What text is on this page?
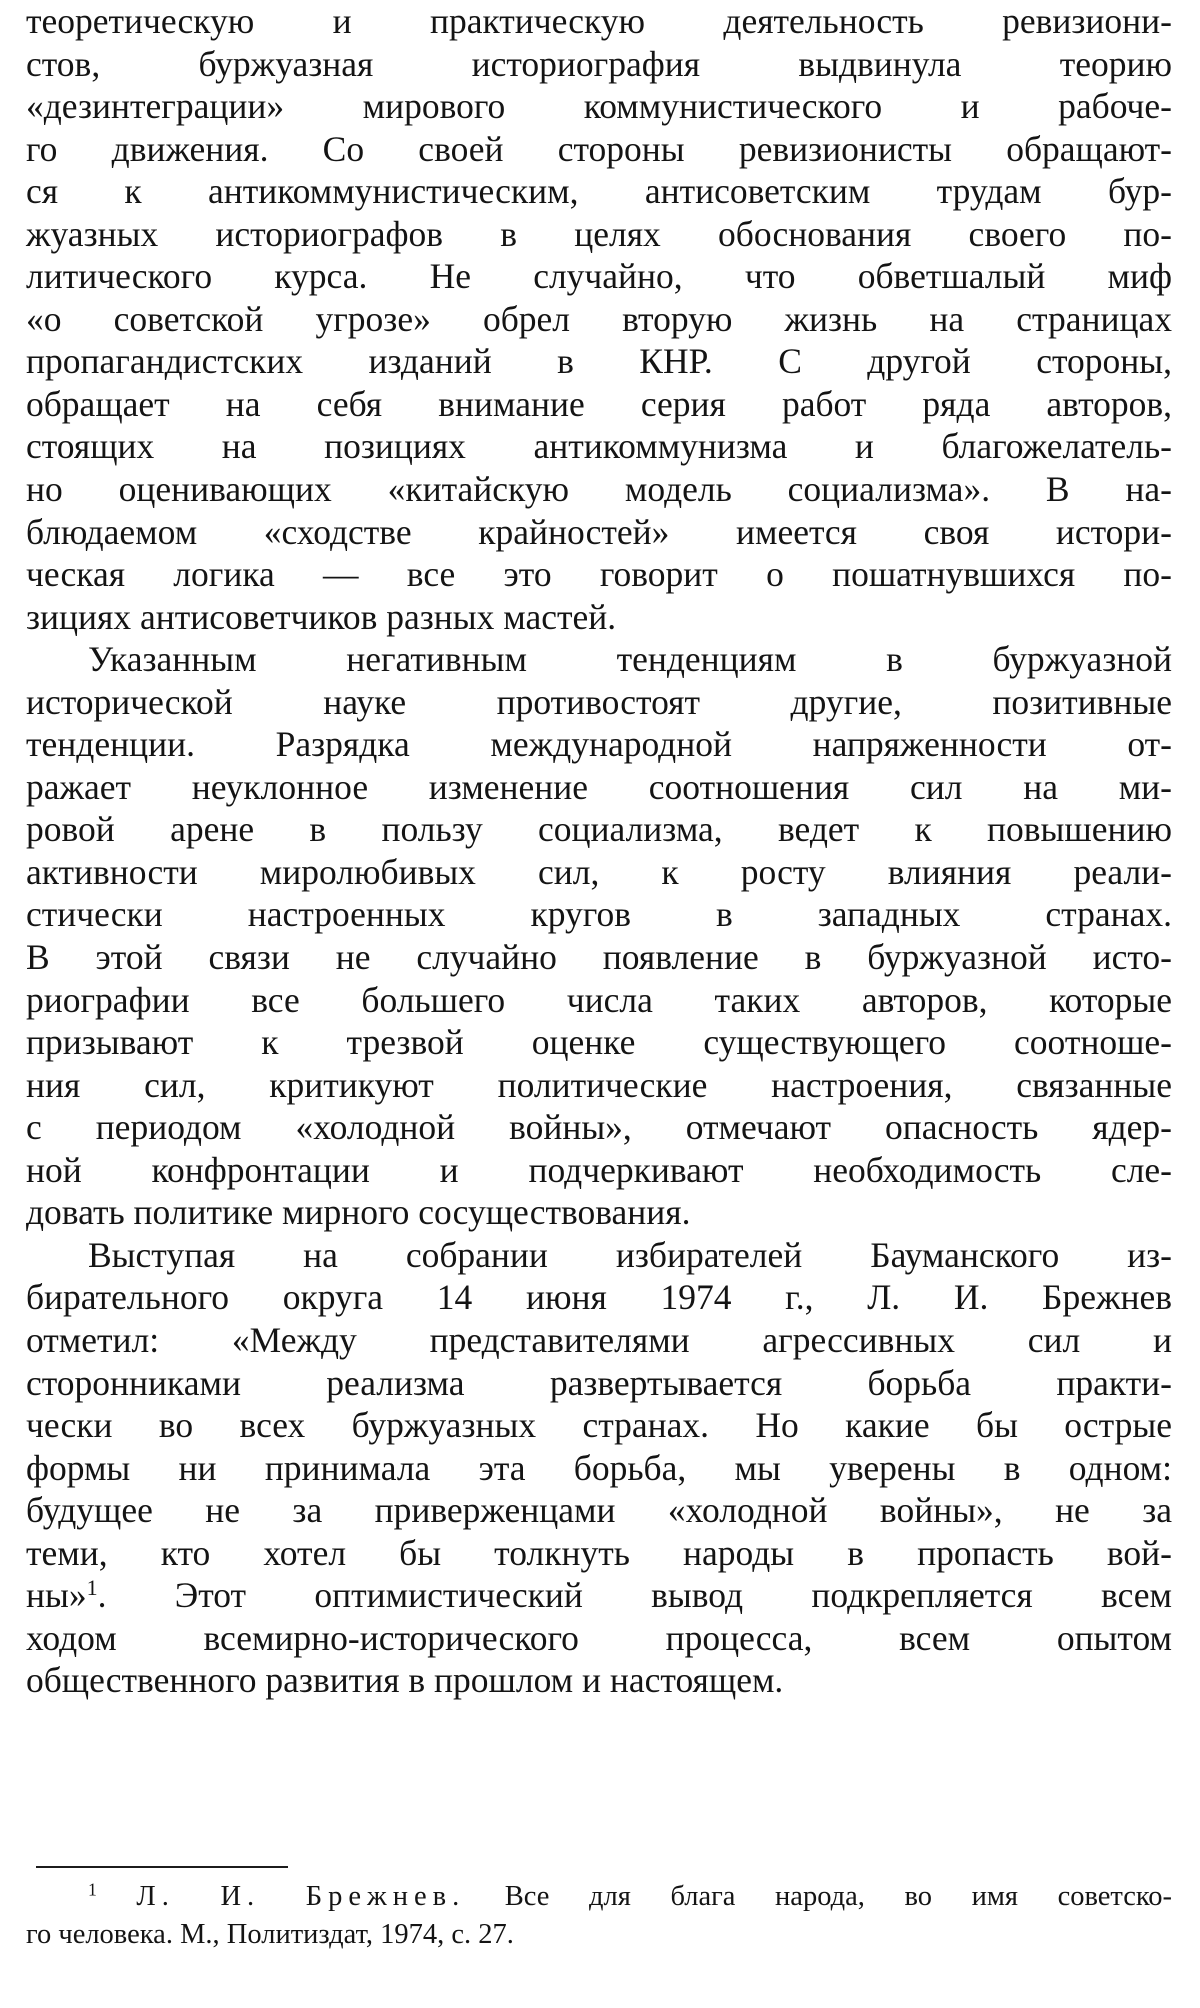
теоретическую и практическую деятельность ревизиони-
стов, буржуазная историография выдвинула теорию
«дезинтеграции» мирового коммунистического и рабоче-
го движения. Со своей стороны ревизионисты обращают-
ся к антикоммунистическим, антисоветским трудам бур-
жуазных историографов в целях обоснования своего по-
литического курса. Не случайно, что обветшалый миф
«о советской угрозе» обрел вторую жизнь на страницах
пропагандистских изданий в КНР. С другой стороны,
обращает на себя внимание серия работ ряда авторов,
стоящих на позициях антикоммунизма и благожелатель-
но оценивающих «китайскую модель социализма». В на-
блюдаемом «сходстве крайностей» имеется своя истори-
ческая логика — все это говорит о пошатнувшихся по-
зициях антисоветчиков разных мастей.
Указанным негативным тенденциям в буржуазной
исторической науке противостоят другие, позитивные
тенденции. Разрядка международной напряженности от-
ражает неуклонное изменение соотношения сил на ми-
ровой арене в пользу социализма, ведет к повышению
активности миролюбивых сил, к росту влияния реали-
стически настроенных кругов в западных странах.
В этой связи не случайно появление в буржуазной исто-
риографии все большего числа таких авторов, которые
призывают к трезвой оценке существующего соотноше-
ния сил, критикуют политические настроения, связанные
с периодом «холодной войны», отмечают опасность ядер-
ной конфронтации и подчеркивают необходимость сле-
довать политике мирного сосуществования.
Выступая на собрании избирателей Бауманского из-
бирательного округа 14 июня 1974 г., Л. И. Брежнев
отметил: «Между представителями агрессивных сил и
сторонниками реализма развертывается борьба практи-
чески во всех буржуазных странах. Но какие бы острые
формы ни принимала эта борьба, мы уверены в одном:
будущее не за приверженцами «холодной войны», не за
теми, кто хотел бы толкнуть народы в пропасть вой-
ны»$^1$. Этот оптимистический вывод подкрепляется всем
ходом всемирно-исторического процесса, всем опытом
общественного развития в прошлом и настоящем.
$^1$ Л. И. Брежнев. Все для блага народа, во имя советско-
го человека. М., Политиздат, 1974, с. 27.
